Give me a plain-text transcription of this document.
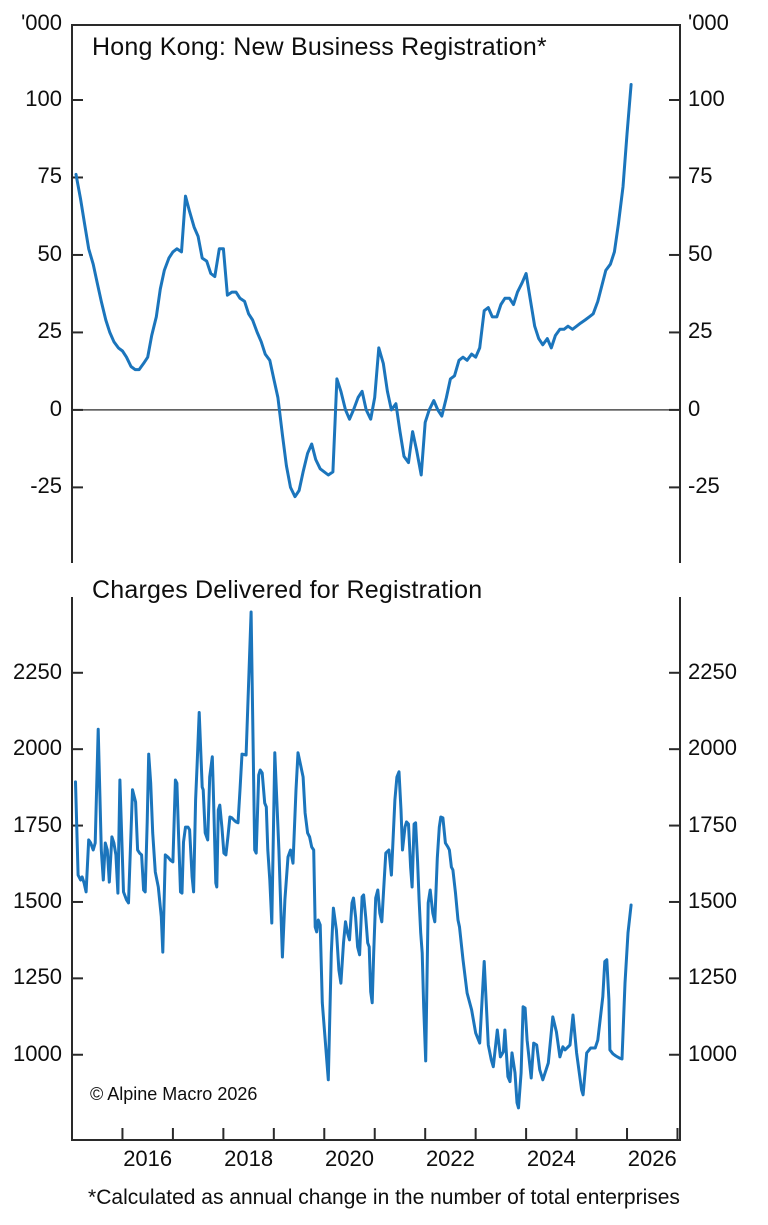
'000	'000
Hong Kong: New Business Registration*
Charges Delivered for Registration
© Alpine Macro 2026
*Calculated as annual change in the number of total enterprises
100	100
75	75
50	50
25	25
0	0
-25	-25
2250	2250
2000	2000
1750	1750
1500	1500
1250	1250
1000	1000
2016	2018	2020	2022	2024	2026
